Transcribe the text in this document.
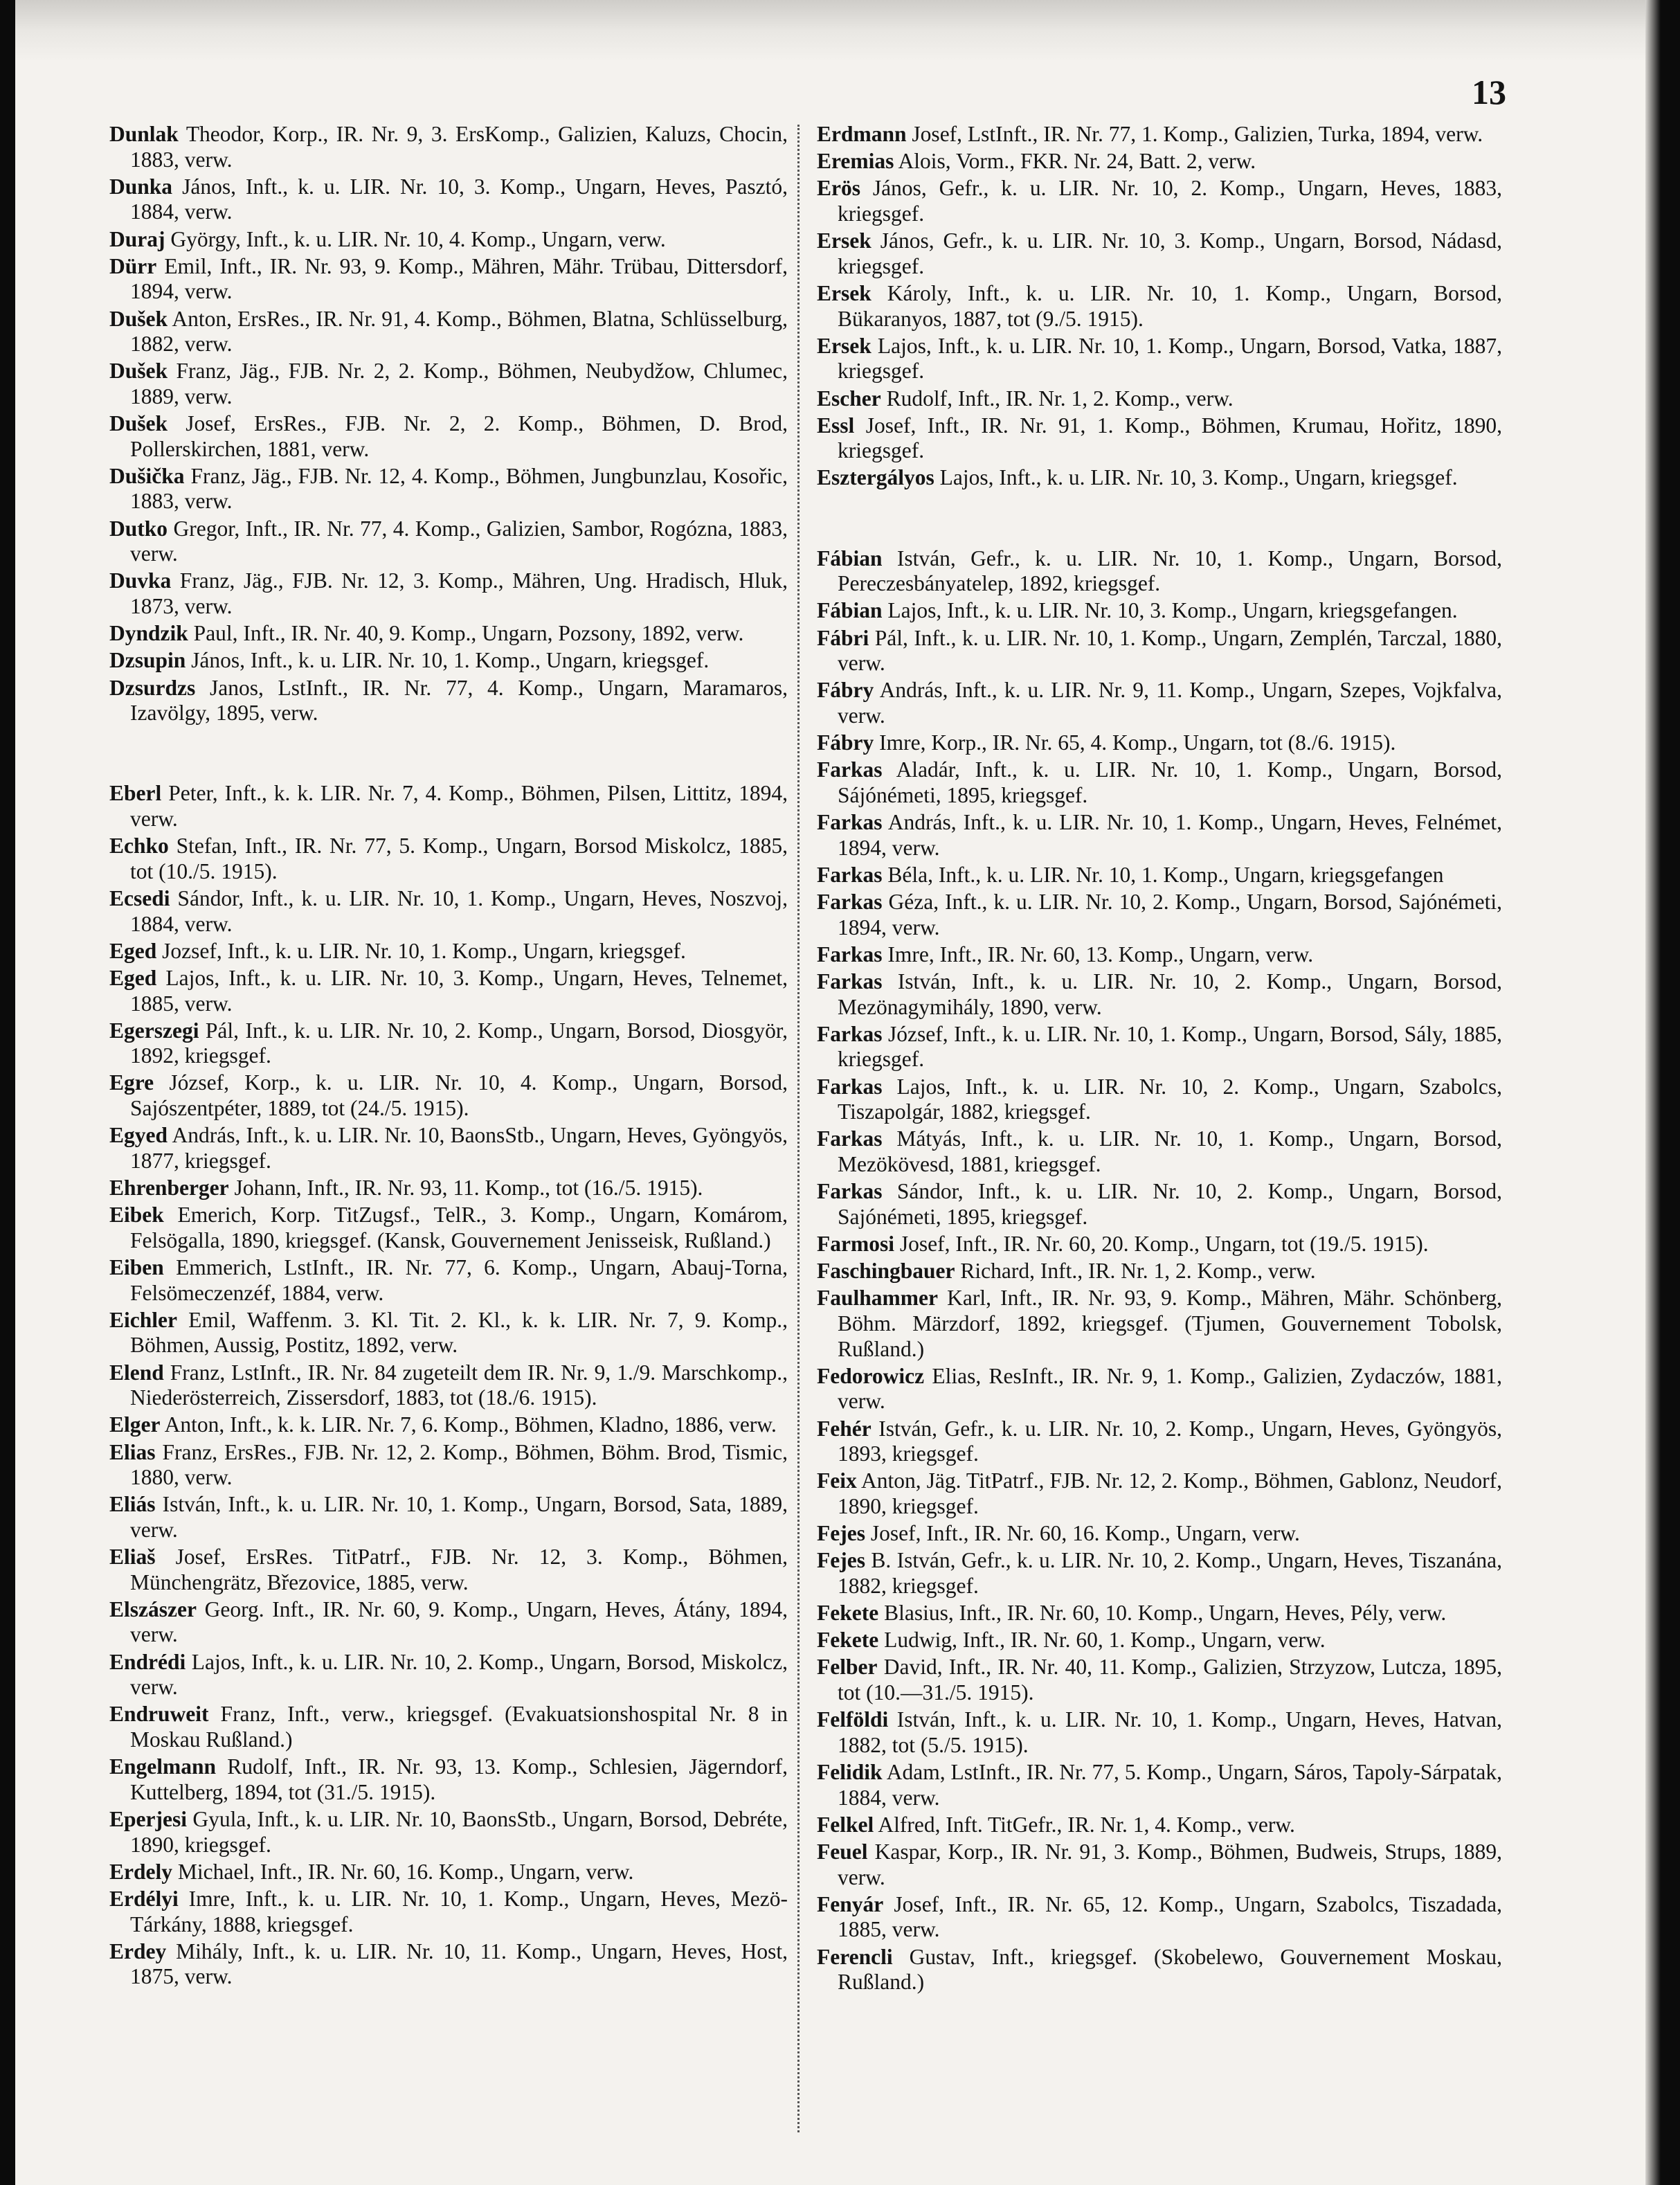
13

Dunlak Theodor, Korp., IR. Nr. 9, 3. ErsKomp., Galizien, Kaluzs, Chocin, 1883, verw.

Dunka János, Inft., k. u. LIR. Nr. 10, 3. Komp., Ungarn, Heves, Pasztó, 1884, verw.

Duraj György, Inft., k. u. LIR. Nr. 10, 4. Komp., Ungarn, verw.

Dürr Emil, Inft., IR. Nr. 93, 9. Komp., Mähren, Mähr. Trübau, Dittersdorf, 1894, verw.

Dušek Anton, ErsRes., IR. Nr. 91, 4. Komp., Böhmen, Blatna, Schlüsselburg, 1882, verw.

Dušek Franz, Jäg., FJB. Nr. 2, 2. Komp., Böhmen, Neubydžow, Chlumec, 1889, verw.

Dušek Josef, ErsRes., FJB. Nr. 2, 2. Komp., Böhmen, D. Brod, Pollerskirchen, 1881, verw.

Dušička Franz, Jäg., FJB. Nr. 12, 4. Komp., Böhmen, Jungbunzlau, Kosořic, 1883, verw.

Dutko Gregor, Inft., IR. Nr. 77, 4. Komp., Galizien, Sambor, Rogózna, 1883, verw.

Duvka Franz, Jäg., FJB. Nr. 12, 3. Komp., Mähren, Ung. Hradisch, Hluk, 1873, verw.

Dyndzik Paul, Inft., IR. Nr. 40, 9. Komp., Ungarn, Pozsony, 1892, verw.

Dzsupin János, Inft., k. u. LIR. Nr. 10, 1. Komp., Ungarn, kriegsgef.

Dzsurdzs Janos, LstInft., IR. Nr. 77, 4. Komp., Ungarn, Maramaros, Izavölgy, 1895, verw.

Eberl Peter, Inft., k. k. LIR. Nr. 7, 4. Komp., Böhmen, Pilsen, Littitz, 1894, verw.

Echko Stefan, Inft., IR. Nr. 77, 5. Komp., Ungarn, Borsod Miskolcz, 1885, tot (10./5. 1915).

Ecsedi Sándor, Inft., k. u. LIR. Nr. 10, 1. Komp., Ungarn, Heves, Noszvoj, 1884, verw.

Eged Jozsef, Inft., k. u. LIR. Nr. 10, 1. Komp., Ungarn, kriegsgef.

Eged Lajos, Inft., k. u. LIR. Nr. 10, 3. Komp., Ungarn, Heves, Telnemet, 1885, verw.

Egerszegi Pál, Inft., k. u. LIR. Nr. 10, 2. Komp., Ungarn, Borsod, Diosgyör, 1892, kriegsgef.

Egre József, Korp., k. u. LIR. Nr. 10, 4. Komp., Ungarn, Borsod, Sajószentpéter, 1889, tot (24./5. 1915).

Egyed András, Inft., k. u. LIR. Nr. 10, BaonsStb., Ungarn, Heves, Gyöngyös, 1877, kriegsgef.

Ehrenberger Johann, Inft., IR. Nr. 93, 11. Komp., tot (16./5. 1915).

Eibek Emerich, Korp. TitZugsf., TelR., 3. Komp., Ungarn, Komárom, Felsögalla, 1890, kriegsgef. (Kansk, Gouvernement Jenisseisk, Rußland.)

Eiben Emmerich, LstInft., IR. Nr. 77, 6. Komp., Ungarn, Abauj-Torna, Felsömeczenzéf, 1884, verw.

Eichler Emil, Waffenm. 3. Kl. Tit. 2. Kl., k. k. LIR. Nr. 7, 9. Komp., Böhmen, Aussig, Postitz, 1892, verw.

Elend Franz, LstInft., IR. Nr. 84 zugeteilt dem IR. Nr. 9, 1./9. Marschkomp., Niederösterreich, Zissersdorf, 1883, tot (18./6. 1915).

Elger Anton, Inft., k. k. LIR. Nr. 7, 6. Komp., Böhmen, Kladno, 1886, verw.

Elias Franz, ErsRes., FJB. Nr. 12, 2. Komp., Böhmen, Böhm. Brod, Tismic, 1880, verw.

Eliás István, Inft., k. u. LIR. Nr. 10, 1. Komp., Ungarn, Borsod, Sata, 1889, verw.

Eliaš Josef, ErsRes. TitPatrf., FJB. Nr. 12, 3. Komp., Böhmen, Münchengrätz, Březovice, 1885, verw.

Elszászer Georg. Inft., IR. Nr. 60, 9. Komp., Ungarn, Heves, Átány, 1894, verw.

Endrédi Lajos, Inft., k. u. LIR. Nr. 10, 2. Komp., Ungarn, Borsod, Miskolcz, verw.

Endruweit Franz, Inft., verw., kriegsgef. (Evakuatsionshospital Nr. 8 in Moskau Rußland.)

Engelmann Rudolf, Inft., IR. Nr. 93, 13. Komp., Schlesien, Jägerndorf, Kuttelberg, 1894, tot (31./5. 1915).

Eperjesi Gyula, Inft., k. u. LIR. Nr. 10, BaonsStb., Ungarn, Borsod, Debréte, 1890, kriegsgef.

Erdely Michael, Inft., IR. Nr. 60, 16. Komp., Ungarn, verw.

Erdélyi Imre, Inft., k. u. LIR. Nr. 10, 1. Komp., Ungarn, Heves, Mezö-Tárkány, 1888, kriegsgef.

Erdey Mihály, Inft., k. u. LIR. Nr. 10, 11. Komp., Ungarn, Heves, Host, 1875, verw.

Erdmann Josef, LstInft., IR. Nr. 77, 1. Komp., Galizien, Turka, 1894, verw.

Eremias Alois, Vorm., FKR. Nr. 24, Batt. 2, verw.

Erös János, Gefr., k. u. LIR. Nr. 10, 2. Komp., Ungarn, Heves, 1883, kriegsgef.

Ersek János, Gefr., k. u. LIR. Nr. 10, 3. Komp., Ungarn, Borsod, Nádasd, kriegsgef.

Ersek Károly, Inft., k. u. LIR. Nr. 10, 1. Komp., Ungarn, Borsod, Bükaranyos, 1887, tot (9./5. 1915).

Ersek Lajos, Inft., k. u. LIR. Nr. 10, 1. Komp., Ungarn, Borsod, Vatka, 1887, kriegsgef.

Escher Rudolf, Inft., IR. Nr. 1, 2. Komp., verw.

Essl Josef, Inft., IR. Nr. 91, 1. Komp., Böhmen, Krumau, Hořitz, 1890, kriegsgef.

Esztergályos Lajos, Inft., k. u. LIR. Nr. 10, 3. Komp., Ungarn, kriegsgef.

Fábian István, Gefr., k. u. LIR. Nr. 10, 1. Komp., Ungarn, Borsod, Pereczesbányatelep, 1892, kriegsgef.

Fábian Lajos, Inft., k. u. LIR. Nr. 10, 3. Komp., Ungarn, kriegsgefangen.

Fábri Pál, Inft., k. u. LIR. Nr. 10, 1. Komp., Ungarn, Zemplén, Tarczal, 1880, verw.

Fábry András, Inft., k. u. LIR. Nr. 9, 11. Komp., Ungarn, Szepes, Vojkfalva, verw.

Fábry Imre, Korp., IR. Nr. 65, 4. Komp., Ungarn, tot (8./6. 1915).

Farkas Aladár, Inft., k. u. LIR. Nr. 10, 1. Komp., Ungarn, Borsod, Sájónémeti, 1895, kriegsgef.

Farkas András, Inft., k. u. LIR. Nr. 10, 1. Komp., Ungarn, Heves, Felnémet, 1894, verw.

Farkas Béla, Inft., k. u. LIR. Nr. 10, 1. Komp., Ungarn, kriegsgefangen

Farkas Géza, Inft., k. u. LIR. Nr. 10, 2. Komp., Ungarn, Borsod, Sajónémeti, 1894, verw.

Farkas Imre, Inft., IR. Nr. 60, 13. Komp., Ungarn, verw.

Farkas István, Inft., k. u. LIR. Nr. 10, 2. Komp., Ungarn, Borsod, Mezönagymihály, 1890, verw.

Farkas József, Inft., k. u. LIR. Nr. 10, 1. Komp., Ungarn, Borsod, Sály, 1885, kriegsgef.

Farkas Lajos, Inft., k. u. LIR. Nr. 10, 2. Komp., Ungarn, Szabolcs, Tiszapolgár, 1882, kriegsgef.

Farkas Mátyás, Inft., k. u. LIR. Nr. 10, 1. Komp., Ungarn, Borsod, Mezökövesd, 1881, kriegsgef.

Farkas Sándor, Inft., k. u. LIR. Nr. 10, 2. Komp., Ungarn, Borsod, Sajónémeti, 1895, kriegsgef.

Farmosi Josef, Inft., IR. Nr. 60, 20. Komp., Ungarn, tot (19./5. 1915).

Faschingbauer Richard, Inft., IR. Nr. 1, 2. Komp., verw.

Faulhammer Karl, Inft., IR. Nr. 93, 9. Komp., Mähren, Mähr. Schönberg, Böhm. Märzdorf, 1892, kriegsgef. (Tjumen, Gouvernement Tobolsk, Rußland.)

Fedorowicz Elias, ResInft., IR. Nr. 9, 1. Komp., Galizien, Zydaczów, 1881, verw.

Fehér István, Gefr., k. u. LIR. Nr. 10, 2. Komp., Ungarn, Heves, Gyöngyös, 1893, kriegsgef.

Feix Anton, Jäg. TitPatrf., FJB. Nr. 12, 2. Komp., Böhmen, Gablonz, Neudorf, 1890, kriegsgef.

Fejes Josef, Inft., IR. Nr. 60, 16. Komp., Ungarn, verw.

Fejes B. István, Gefr., k. u. LIR. Nr. 10, 2. Komp., Ungarn, Heves, Tiszanána, 1882, kriegsgef.

Fekete Blasius, Inft., IR. Nr. 60, 10. Komp., Ungarn, Heves, Pély, verw.

Fekete Ludwig, Inft., IR. Nr. 60, 1. Komp., Ungarn, verw.

Felber David, Inft., IR. Nr. 40, 11. Komp., Galizien, Strzyzow, Lutcza, 1895, tot (10.—31./5. 1915).

Felföldi István, Inft., k. u. LIR. Nr. 10, 1. Komp., Ungarn, Heves, Hatvan, 1882, tot (5./5. 1915).

Felidik Adam, LstInft., IR. Nr. 77, 5. Komp., Ungarn, Sáros, Tapoly-Sárpatak, 1884, verw.

Felkel Alfred, Inft. TitGefr., IR. Nr. 1, 4. Komp., verw.

Feuel Kaspar, Korp., IR. Nr. 91, 3. Komp., Böhmen, Budweis, Strups, 1889, verw.

Fenyár Josef, Inft., IR. Nr. 65, 12. Komp., Ungarn, Szabolcs, Tiszadada, 1885, verw.

Ferencli Gustav, Inft., kriegsgef. (Skobelewo, Gouvernement Moskau, Rußland.)
